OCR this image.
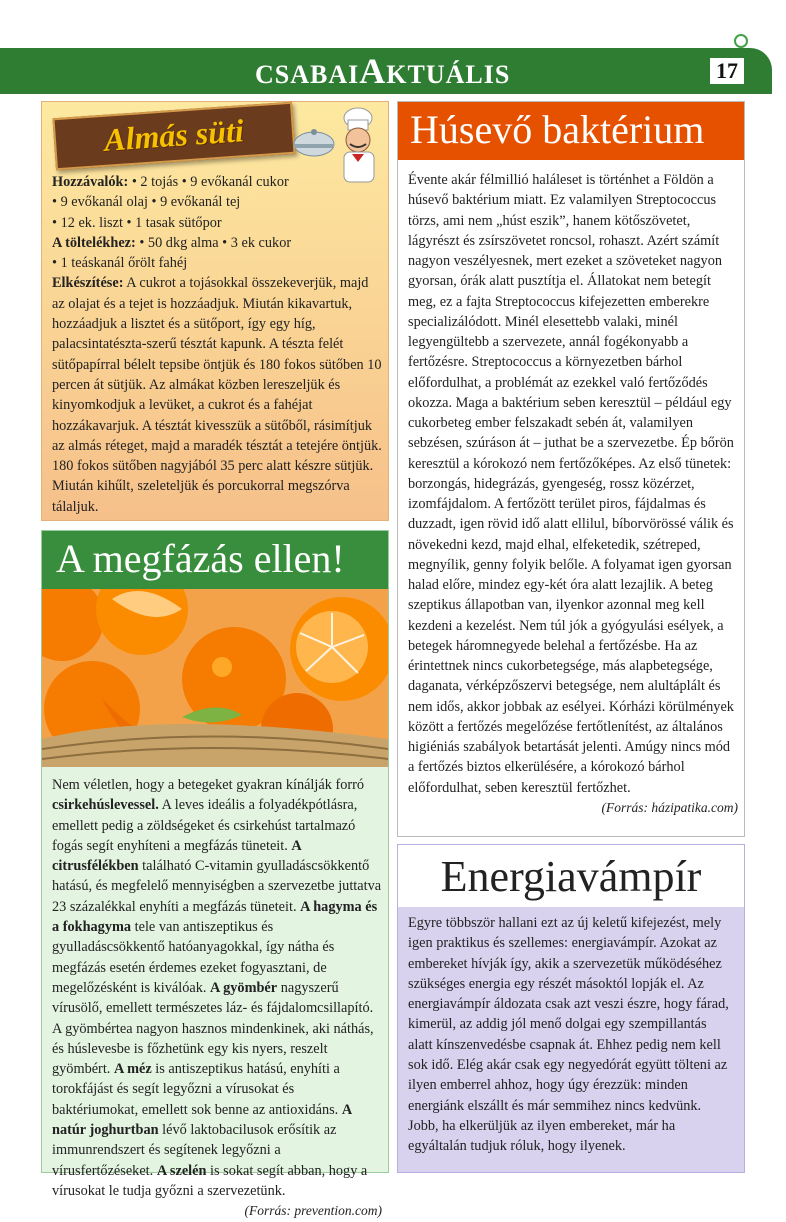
CSABAIAKTUÁLIS	17
Almás süti

Hozzávalók: • 2 tojás • 9 evőkanál cukor

• 9 evőkanál olaj • 9 evőkanál tej

• 12 ek. liszt • 1 tasak sütőpor

A töltelékhez: • 50 dkg alma • 3 ek cukor

• 1 teáskanál őrölt fahéj

Elkészítése: A cukrot a tojásokkal összekeverjük, majd az olajat és a tejet is hozzáadjuk. Miután kikavartuk, hozzáadjuk a lisztet és a sütőport, így egy híg, palacsintatészta-szerű tésztát kapunk. A tészta felét sütőpapírral bélelt tepsibe öntjük és 180 fokos sütőben 10 percen át sütjük. Az almákat közben lereszeljük és kinyomkodjuk a levüket, a cukrot és a fahéjat hozzákavarjuk. A tésztát kivesszük a sütőből, rásimítjuk az almás réteget, majd a maradék tésztát a tetejére öntjük. 180 fokos sütőben nagyjából 35 perc alatt készre sütjük. Miután kihűlt, szeleteljük és porcukorral megszórva tálaljuk.

A megfázás ellen!

Nem véletlen, hogy a betegeket gyakran kínálják forró csirkehúslevessel. A leves ideális a folyadékpótlásra, emellett pedig a zöldségeket és csirkehúst tartalmazó fogás segít enyhíteni a megfázás tüneteit. A citrusfélékben található C-vitamin gyulladáscsökkentő hatású, és megfelelő mennyiségben a szervezetbe juttatva 23 százalékkal enyhíti a megfázás tüneteit. A hagyma és a fokhagyma tele van antiszeptikus és gyulladáscsökkentő hatóanyagokkal, így nátha és megfázás esetén érdemes ezeket fogyasztani, de megelőzésként is kiválóak. A gyömbér nagyszerű vírusölő, emellett természetes láz- és fájdalomcsillapító. A gyömbértea nagyon hasznos mindenkinek, aki náthás, és húslevesbe is főzhetünk egy kis nyers, reszelt gyömbért. A méz is antiszeptikus hatású, enyhíti a torokfájást és segít legyőzni a vírusokat és baktériumokat, emellett sok benne az antioxidáns. A natúr joghurtban lévő laktobacilusok erősítik az immunrendszert és segítenek legyőzni a vírusfertőzéseket. A szelén is sokat segít abban, hogy a vírusokat le tudja győzni a szervezetünk.

(Forrás: prevention.com)

Húsevő baktérium

Évente akár félmillió haláleset is történhet a Földön a húsevő baktérium miatt. Ez valamilyen Streptococcus törzs, ami nem „húst eszik”, hanem kötőszövetet, lágyrészt és zsírszövetet roncsol, rohaszt. Azért számít nagyon veszélyesnek, mert ezeket a szöveteket nagyon gyorsan, órák alatt pusztítja el. Állatokat nem betegít meg, ez a fajta Streptococcus kifejezetten emberekre specializálódott. Minél elesettebb valaki, minél legyengültebb a szervezete, annál fogékonyabb a fertőzésre. Streptococcus a környezetben bárhol előfordulhat, a problémát az ezekkel való fertőződés okozza. Maga a baktérium seben keresztül – például egy cukorbeteg ember felszakadt sebén át, valamilyen sebzésen, szúráson át – juthat be a szervezetbe. Ép bőrön keresztül a kórokozó nem fertőzőképes. Az első tünetek: borzongás, hidegrázás, gyengeség, rossz közérzet, izomfájdalom. A fertőzött terület piros, fájdalmas és duzzadt, igen rövid idő alatt ellilul, bíborvörössé válik és növekedni kezd, majd elhal, elfeketedik, szétreped, megnyílik, genny folyik belőle. A folyamat igen gyorsan halad előre, mindez egy-két óra alatt lezajlik. A beteg szeptikus állapotban van, ilyenkor azonnal meg kell kezdeni a kezelést. Nem túl jók a gyógyulási esélyek, a betegek háromnegyede belehal a fertőzésbe. Ha az érintettnek nincs cukorbetegsége, más alapbetegsége, daganata, vérképzőszervi betegsége, nem alultáplált és nem idős, akkor jobbak az esélyei. Kórházi körülmények között a fertőzés megelőzése fertőtlenítést, az általános higiéniás szabályok betartását jelenti. Amúgy nincs mód a fertőzés biztos elkerülésére, a kórokozó bárhol előfordulhat, seben keresztül fertőzhet.

(Forrás: házipatika.com)

Energiavámpír

Egyre többször hallani ezt az új keletű kifejezést, mely igen praktikus és szellemes: energiavámpír. Azokat az embereket hívják így, akik a szervezetük működéséhez szükséges energia egy részét másoktól lopják el. Az energiavámpír áldozata csak azt veszi észre, hogy fárad, kimerül, az addig jól menő dolgai egy szempillantás alatt kínszenvedésbe csapnak át. Ehhez pedig nem kell sok idő. Elég akár csak egy negyedórát együtt tölteni az ilyen emberrel ahhoz, hogy úgy érezzük: minden energiánk elszállt és már semmihez nincs kedvünk. Jobb, ha elkerüljük az ilyen embereket, már ha egyáltalán tudjuk róluk, hogy ilyenek.
